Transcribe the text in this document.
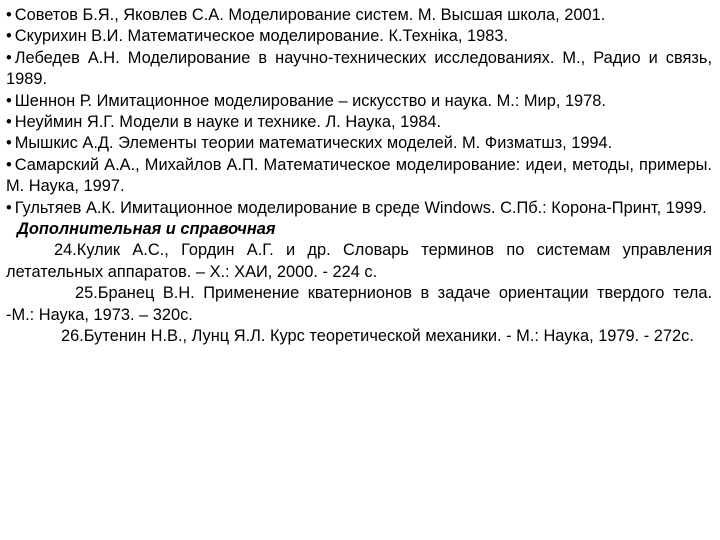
• Советов Б.Я., Яковлев С.А. Моделирование систем. М. Высшая школа, 2001.

• Скурихин В.И. Математическое моделирование. К.Техніка, 1983.

• Лебедев А.Н. Моделирование в научно-технических исследованиях. М., Радио и связь, 1989.

• Шеннон Р. Имитационное моделирование – искусство и наука. М.: Мир, 1978.

• Неуймин Я.Г. Модели в науке и технике. Л. Наука, 1984.

• Мышкис А.Д. Элементы теории математических моделей. М. Физматшз, 1994.

• Самарский А.А., Михайлов А.П. Математическое моделирование: идеи, методы, примеры. М. Наука, 1997.

• Гультяев А.К. Имитационное моделирование в среде Windows. С.Пб.: Корона-Принт, 1999.

Дополнительная и справочная

24.Кулик А.С., Гордин А.Г. и др. Словарь терминов по системам управления летательных аппаратов. – Х.: ХАИ, 2000. - 224 с.

25.Бранец В.Н. Применение кватернионов в задаче ориентации твердого тела. -М.: Наука, 1973. – 320с.

26.Бутенин Н.В., Лунц Я.Л. Курс теоретической механики. - М.: Наука, 1979. - 272с.
